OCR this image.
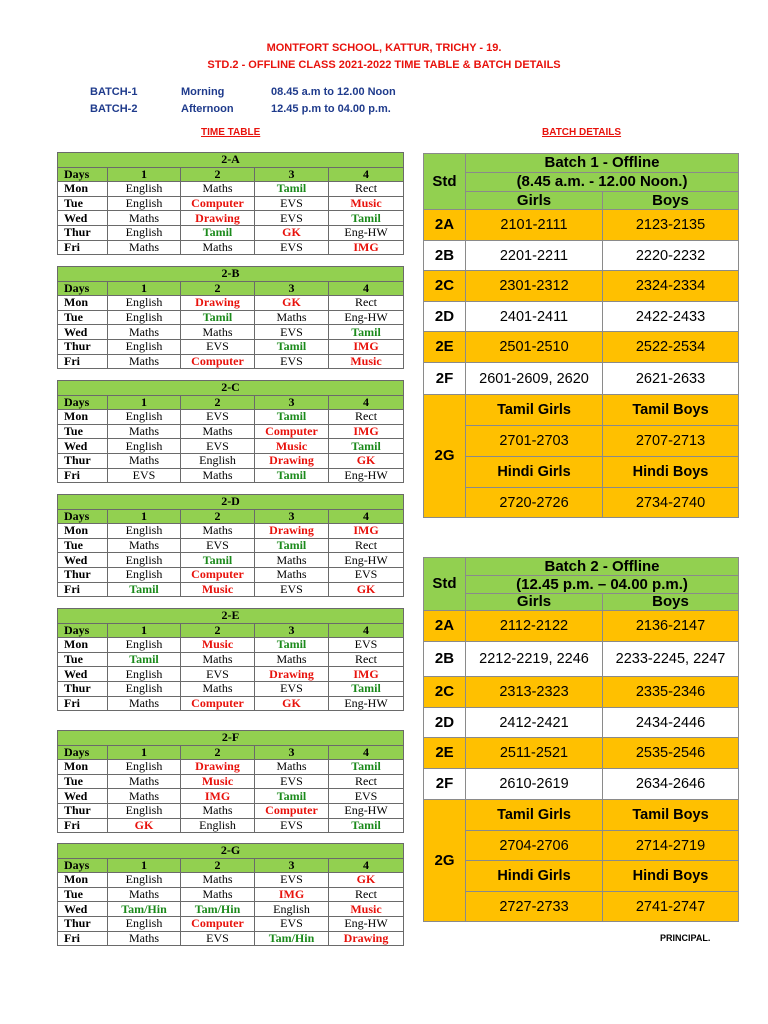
MONTFORT SCHOOL, KATTUR, TRICHY - 19.
STD.2 - OFFLINE CLASS 2021-2022 TIME TABLE & BATCH DETAILS
BATCH-1	Morning	08.45 a.m to 12.00 Noon
BATCH-2	Afternoon	12.45 p.m to 04.00 p.m.
TIME TABLE	BATCH DETAILS
2-A				
Days	1	2	3	4
Mon	English	Maths	Tamil	Rect
Tue	English	Computer	EVS	Music
Wed	Maths	Drawing	EVS	Tamil
Thur	English	Tamil	GK	Eng-HW
Fri	Maths	Maths	EVS	IMG
2-B				
Days	1	2	3	4
Mon	English	Drawing	GK	Rect
Tue	English	Tamil	Maths	Eng-HW
Wed	Maths	Maths	EVS	Tamil
Thur	English	EVS	Tamil	IMG
Fri	Maths	Computer	EVS	Music
2-C				
Days	1	2	3	4
Mon	English	EVS	Tamil	Rect
Tue	Maths	Maths	Computer	IMG
Wed	English	EVS	Music	Tamil
Thur	Maths	English	Drawing	GK
Fri	EVS	Maths	Tamil	Eng-HW
2-D				
Days	1	2	3	4
Mon	English	Maths	Drawing	IMG
Tue	Maths	EVS	Tamil	Rect
Wed	English	Tamil	Maths	Eng-HW
Thur	English	Computer	Maths	EVS
Fri	Tamil	Music	EVS	GK
2-E				
Days	1	2	3	4
Mon	English	Music	Tamil	EVS
Tue	Tamil	Maths	Maths	Rect
Wed	English	EVS	Drawing	IMG
Thur	English	Maths	EVS	Tamil
Fri	Maths	Computer	GK	Eng-HW
2-F				
Days	1	2	3	4
Mon	English	Drawing	Maths	Tamil
Tue	Maths	Music	EVS	Rect
Wed	Maths	IMG	Tamil	EVS
Thur	English	Maths	Computer	Eng-HW
Fri	GK	English	EVS	Tamil
2-G				
Days	1	2	3	4
Mon	English	Maths	EVS	GK
Tue	Maths	Maths	IMG	Rect
Wed	Tam/Hin	Tam/Hin	English	Music
Thur	English	Computer	EVS	Eng-HW
Fri	Maths	EVS	Tam/Hin	Drawing
Std	Batch 1 - Offline	
	(8.45 a.m. - 12.00 Noon.)	
	Girls	Boys
2A	2101-2111	2123-2135
2B	2201-2211	2220-2232
2C	2301-2312	2324-2334
2D	2401-2411	2422-2433
2E	2501-2510	2522-2534
2F	2601-2609, 2620	2621-2633
2G	Tamil Girls	Tamil Boys
	2701-2703	2707-2713
	Hindi Girls	Hindi Boys
	2720-2726	2734-2740
Std	Batch 2 - Offline	
	(12.45 p.m. – 04.00 p.m.)	
	Girls	Boys
2A	2112-2122	2136-2147
2B	2212-2219, 2246	2233-2245, 2247
2C	2313-2323	2335-2346
2D	2412-2421	2434-2446
2E	2511-2521	2535-2546
2F	2610-2619	2634-2646
2G	Tamil Girls	Tamil Boys
	2704-2706	2714-2719
	Hindi Girls	Hindi Boys
	2727-2733	2741-2747
PRINCIPAL.
